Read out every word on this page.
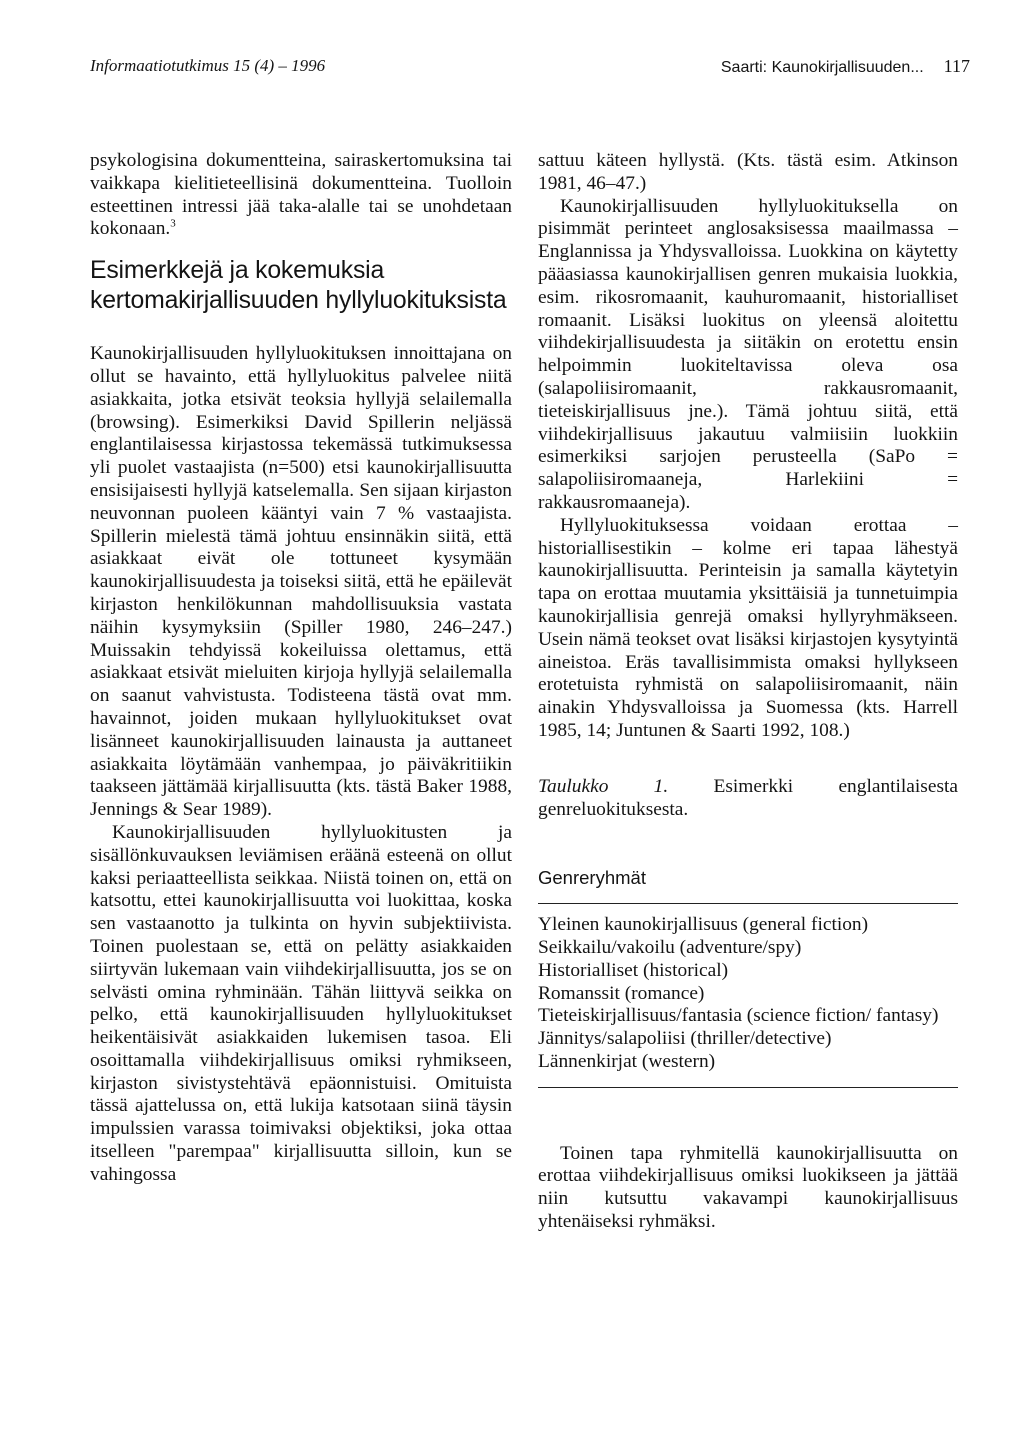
Informaatiotutkimus 15 (4) – 1996	Saarti: Kaunokirjallisuuden... 117

psykologisina dokumentteina, sairaskertomuksina tai vaikkapa kielitieteellisinä dokumentteina. Tuolloin esteettinen intressi jää taka-alalle tai se unohdetaan kokonaan.$^3$

Esimerkkejä ja kokemuksia kertomakirjallisuuden hyllyluokituksista

Kaunokirjallisuuden hyllyluokituksen innoittajana on ollut se havainto, että hyllyluokitus palvelee niitä asiakkaita, jotka etsivät teoksia hyllyjä selailemalla (browsing). Esimerkiksi David Spillerin neljässä englantilaisessa kirjastossa tekemässä tutkimuksessa yli puolet vastaajista (n=500) etsi kaunokirjallisuutta ensisijaisesti hyllyjä katselemalla. Sen sijaan kirjaston neuvonnan puoleen kääntyi vain 7 % vastaajista. Spillerin mielestä tämä johtuu ensinnäkin siitä, että asiakkaat eivät ole tottuneet kysymään kaunokirjallisuudesta ja toiseksi siitä, että he epäilevät kirjaston henkilökunnan mahdollisuuksia vastata näihin kysymyksiin (Spiller 1980, 246–247.) Muissakin tehdyissä kokeiluissa olettamus, että asiakkaat etsivät mieluiten kirjoja hyllyjä selailemalla on saanut vahvistusta. Todisteena tästä ovat mm. havainnot, joiden mukaan hyllyluokitukset ovat lisänneet kaunokirjallisuuden lainausta ja auttaneet asiakkaita löytämään vanhempaa, jo päiväkritiikin taakseen jättämää kirjallisuutta (kts. tästä Baker 1988, Jennings & Sear 1989).

Kaunokirjallisuuden hyllyluokitusten ja sisällönkuvauksen leviämisen eräänä esteenä on ollut kaksi periaatteellista seikkaa. Niistä toinen on, että on katsottu, ettei kaunokirjallisuutta voi luokittaa, koska sen vastaanotto ja tulkinta on hyvin subjektiivista. Toinen puolestaan se, että on pelätty asiakkaiden siirtyvän lukemaan vain viihdekirjallisuutta, jos se on selvästi omina ryhminään. Tähän liittyvä seikka on pelko, että kaunokirjallisuuden hyllyluokitukset heikentäisivät asiakkaiden lukemisen tasoa. Eli osoittamalla viihdekirjallisuus omiksi ryhmikseen, kirjaston sivistystehtävä epäonnistuisi. Omituista tässä ajattelussa on, että lukija katsotaan siinä täysin impulssien varassa toimivaksi objektiksi, joka ottaa itselleen "parempaa" kirjallisuutta silloin, kun se vahingossa

sattuu käteen hyllystä. (Kts. tästä esim. Atkinson 1981, 46–47.)

Kaunokirjallisuuden hyllyluokituksella on pisimmät perinteet anglosaksisessa maailmassa – Englannissa ja Yhdysvalloissa. Luokkina on käytetty pääasiassa kaunokirjallisen genren mukaisia luokkia, esim. rikosromaanit, kauhuromaanit, historialliset romaanit. Lisäksi luokitus on yleensä aloitettu viihdekirjallisuudesta ja siitäkin on erotettu ensin helpoimmin luokiteltavissa oleva osa (salapoliisiromaanit, rakkausromaanit, tieteiskirjallisuus jne.). Tämä johtuu siitä, että viihdekirjallisuus jakautuu valmiisiin luokkiin esimerkiksi sarjojen perusteella (SaPo = salapoliisiromaaneja, Harlekiini = rakkausromaaneja).

Hyllyluokituksessa voidaan erottaa – historiallisestikin – kolme eri tapaa lähestyä kaunokirjallisuutta. Perinteisin ja samalla käytetyin tapa on erottaa muutamia yksittäisiä ja tunnetuimpia kaunokirjallisia genrejä omaksi hyllyryhmäkseen. Usein nämä teokset ovat lisäksi kirjastojen kysytyintä aineistoa. Eräs tavallisimmista omaksi hyllykseen erotetuista ryhmistä on salapoliisiromaanit, näin ainakin Yhdysvalloissa ja Suomessa (kts. Harrell 1985, 14; Juntunen & Saarti 1992, 108.)

Taulukko 1. Esimerkki englantilaisesta genreluokituksesta.

Genreryhmät
Yleinen kaunokirjallisuus (general fiction)
Seikkailu/vakoilu (adventure/spy)
Historialliset (historical)
Romanssit (romance)
Tieteiskirjallisuus/fantasia (science fiction/ fantasy)
Jännitys/salapoliisi (thriller/detective)
Lännenkirjat (western)

Toinen tapa ryhmitellä kaunokirjallisuutta on erottaa viihdekirjallisuus omiksi luokikseen ja jättää niin kutsuttu vakavampi kaunokirjallisuus yhtenäiseksi ryhmäksi.
